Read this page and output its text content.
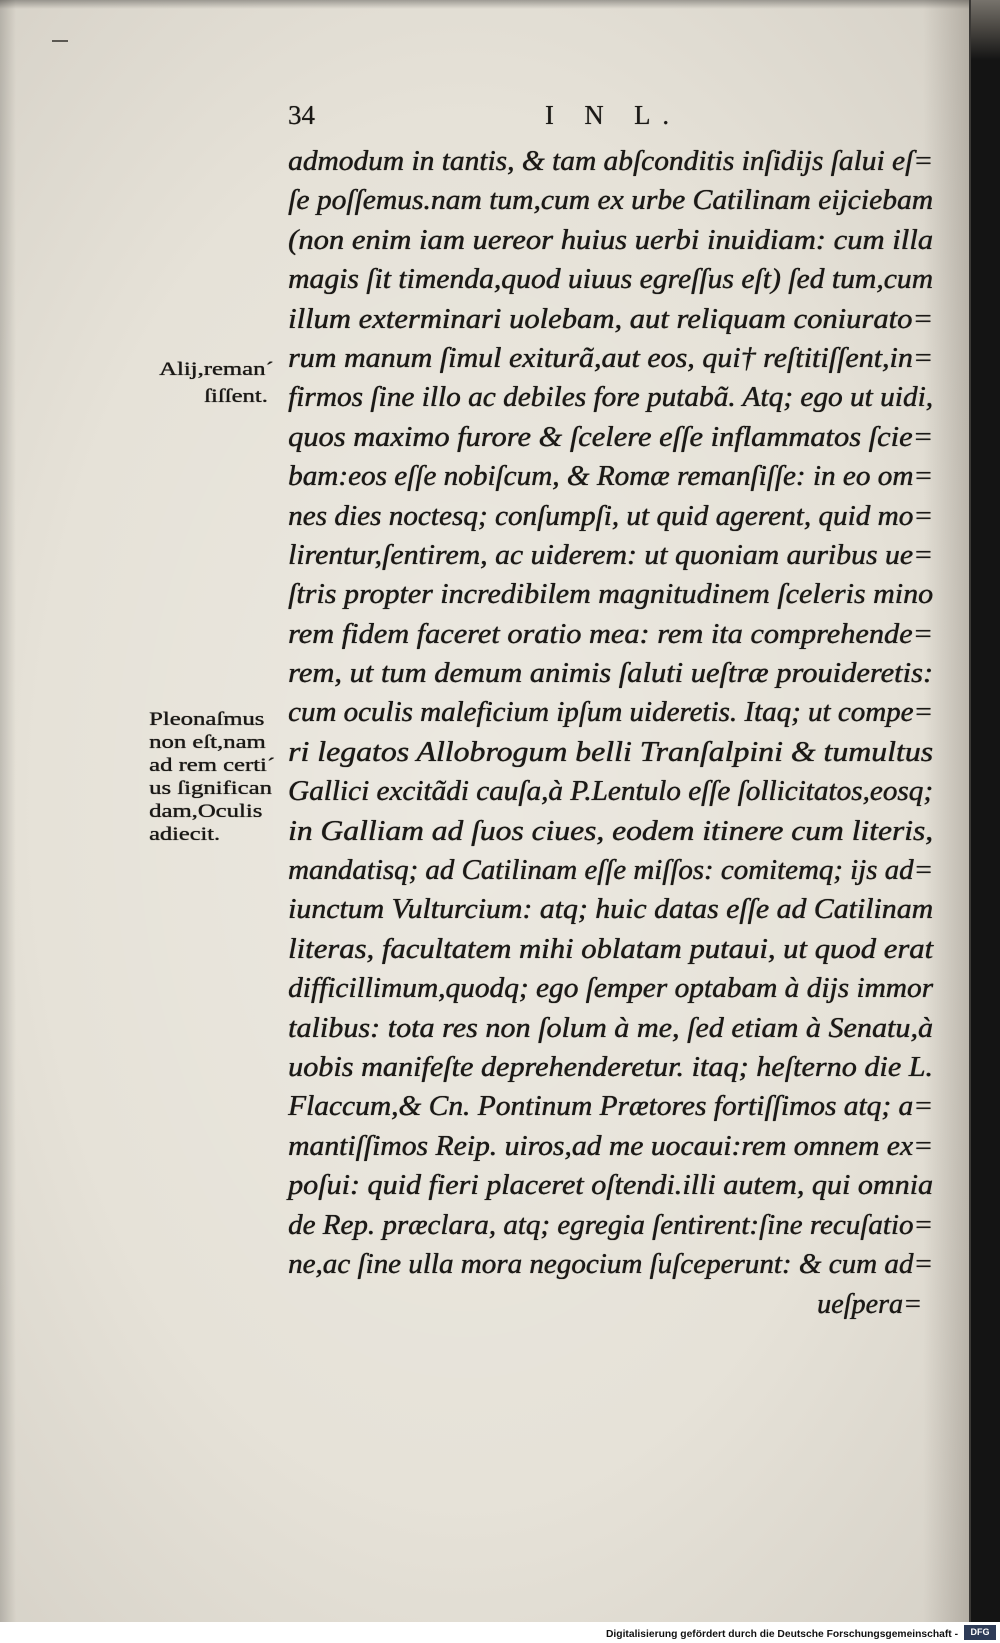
34	I N L.
admodum in tantis, & tam abſconditis inſidijs ſalui eſ=
ſe poſſemus.nam tum,cum ex urbe Catilinam eijciebam
(non enim iam uereor huius uerbi inuidiam: cum illa
magis ſit timenda,quod uiuus egreſſus eſt) ſed tum,cum
illum exterminari uolebam, aut reliquam coniurato=
rum manum ſimul exiturã,aut eos, qui† reſtitiſſent,in=
firmos ſine illo ac debiles fore putabã. Atq; ego ut uidi,
quos maximo furore & ſcelere eſſe inflammatos ſcie=
bam:eos eſſe nobiſcum, & Romæ remanſiſſe: in eo om=
nes dies noctesq; conſumpſi, ut quid agerent, quid mo=
lirentur,ſentirem, ac uiderem: ut quoniam auribus ue=
ſtris propter incredibilem magnitudinem ſceleris mino
rem fidem faceret oratio mea: rem ita comprehende=
rem, ut tum demum animis ſaluti ueſtræ prouideretis:
cum oculis maleficium ipſum uideretis. Itaq; ut compe=
ri legatos Allobrogum belli Tranſalpini & tumultus
Gallici excitãdi cauſa,à P.Lentulo eſſe ſollicitatos,eosq;
in Galliam ad ſuos ciues, eodem itinere cum literis,
mandatisq; ad Catilinam eſſe miſſos: comitemq; ijs ad=
iunctum Vulturcium: atq; huic datas eſſe ad Catilinam
literas, facultatem mihi oblatam putaui, ut quod erat
difficillimum,quodq; ego ſemper optabam à dijs immor
talibus: tota res non ſolum à me, ſed etiam à Senatu,à
uobis manifeſte deprehenderetur. itaq; heſterno die L.
Flaccum,& Cn. Pontinum Prætores fortiſſimos atq; a=
mantiſſimos Reip. uiros,ad me uocaui:rem omnem ex=
poſui: quid fieri placeret oſtendi.illi autem, qui omnia
de Rep. præclara, atq; egregia ſentirent:ſine recuſatio=
ne,ac ſine ulla mora negocium ſuſceperunt: & cum ad=
ueſpera=
Alij,reman´
ſiſſent.
Pleonaſmus
non eſt,nam
ad rem certi´
us ſignifican
dam,Oculis
adiecit.
Digitalisierung gefördert durch die Deutsche Forschungsgemeinschaft -	DFG
